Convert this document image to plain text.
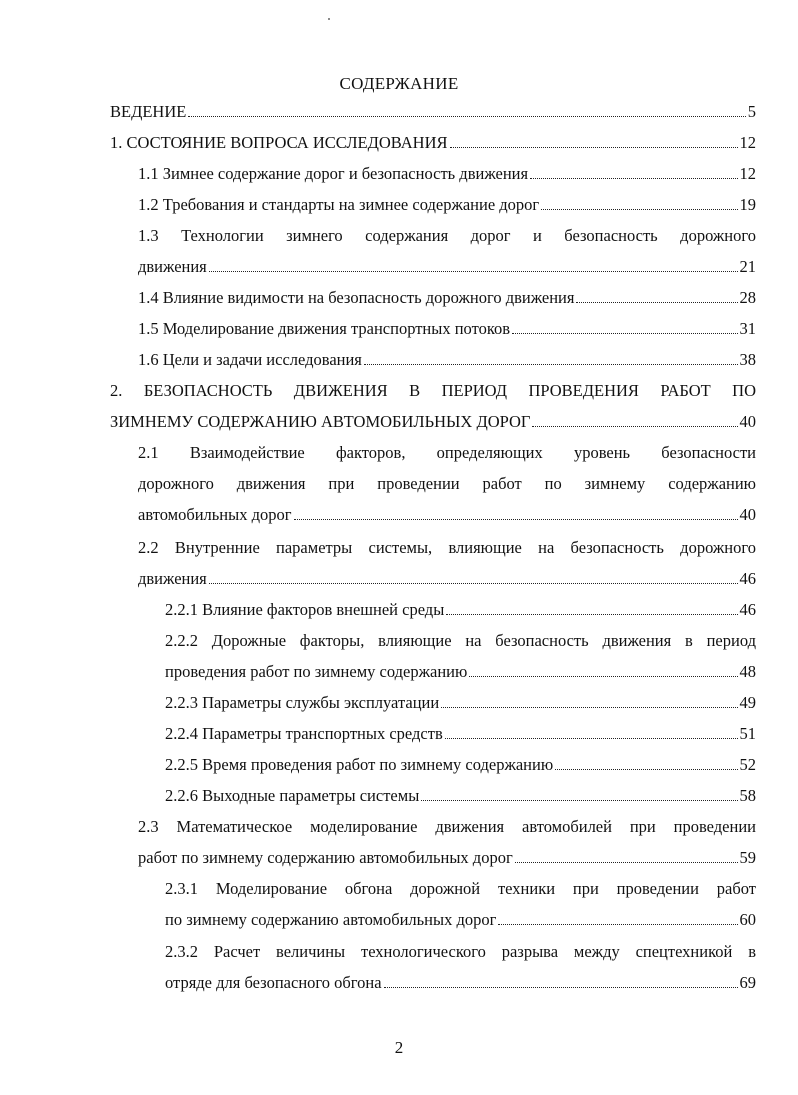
СОДЕРЖАНИЕ
ВЕДЕНИЕ	5
1. СОСТОЯНИЕ ВОПРОСА ИССЛЕДОВАНИЯ	12
1.1 Зимнее содержание дорог и безопасность движения	12
1.2 Требования и стандарты на зимнее содержание дорог	19
1.3 Технологии зимнего содержания дорог и безопасность дорожного
движения	21
1.4 Влияние видимости на безопасность дорожного движения	28
1.5 Моделирование движения транспортных потоков	31
1.6 Цели и задачи исследования	38
2. БЕЗОПАСНОСТЬ ДВИЖЕНИЯ В ПЕРИОД ПРОВЕДЕНИЯ РАБОТ ПО
ЗИМНЕМУ СОДЕРЖАНИЮ АВТОМОБИЛЬНЫХ ДОРОГ	40
2.1 Взаимодействие факторов, определяющих уровень безопасности
дорожного движения при проведении работ по зимнему содержанию
автомобильных дорог	40
2.2 Внутренние параметры системы, влияющие на безопасность дорожного
движения	46
2.2.1 Влияние факторов внешней среды	46
2.2.2 Дорожные факторы, влияющие на безопасность движения в период
проведения работ по зимнему содержанию	48
2.2.3 Параметры службы эксплуатации	49
2.2.4 Параметры транспортных средств	51
2.2.5 Время проведения работ по зимнему содержанию	52
2.2.6 Выходные параметры системы	58
2.3 Математическое моделирование движения автомобилей при проведении
работ по зимнему содержанию автомобильных дорог	59
2.3.1 Моделирование обгона дорожной техники при проведении работ
по зимнему содержанию автомобильных дорог	60
2.3.2 Расчет величины технологического разрыва между спецтехникой в
отряде для безопасного обгона	69
2
